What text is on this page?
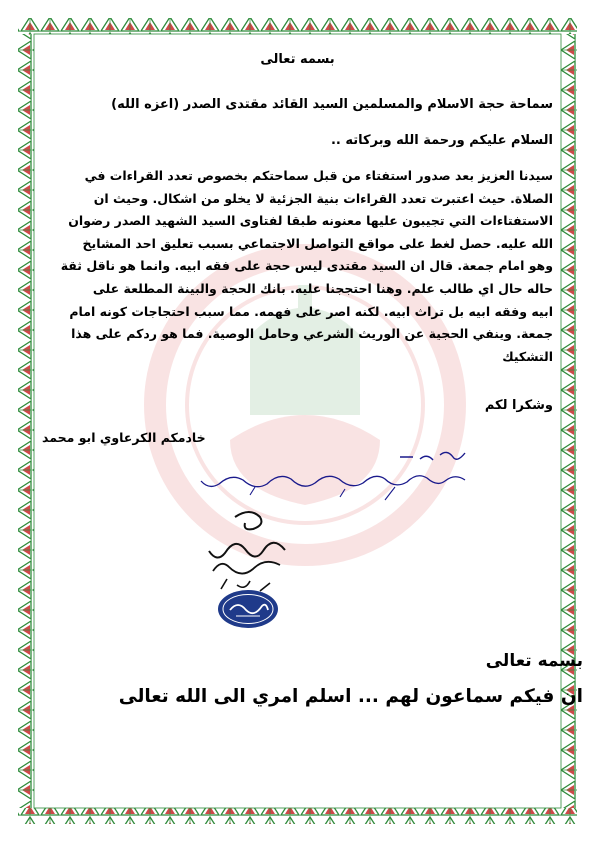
بسمه تعالى
سماحة حجة الاسلام والمسلمين السيد القائد مقتدى الصدر (اعزه الله)
السلام عليكم ورحمة الله وبركاته ..

سيدنا العزيز بعد صدور استفتاء من قبل سماحتكم بخصوص تعدد القراءات في
الصلاة. حيث اعتبرت تعدد القراءات بنية الجزئية لا يخلو من اشكال. وحيث ان
الاستفتاءات التي تجيبون عليها معنونه طبقا لفتاوى السيد الشهيد الصدر رضوان
الله عليه. حصل لغط على مواقع التواصل الاجتماعي بسبب تعليق احد المشايخ
وهو امام جمعة. قال ان السيد مقتدى ليس حجة على فقه ابيه. وانما هو ناقل ثقة
حاله حال اي طالب علم. وهنا احتججنا عليه. بانك الحجة والبينة المطلعة على
ابيه وفقه ابيه بل تراث ابيه. لكنه اصر على فهمه. مما سبب احتجاجات كونه امام
جمعة. وينفي الحجية عن الوريث الشرعي وحامل الوصية. فما هو ردكم على هذا
التشكيك

وشكرا لكم
خادمكم الكرعاوي ابو محمد
بسمه تعالى
ان فيكم سماعون لهم ... اسلم امري الى الله تعالى
